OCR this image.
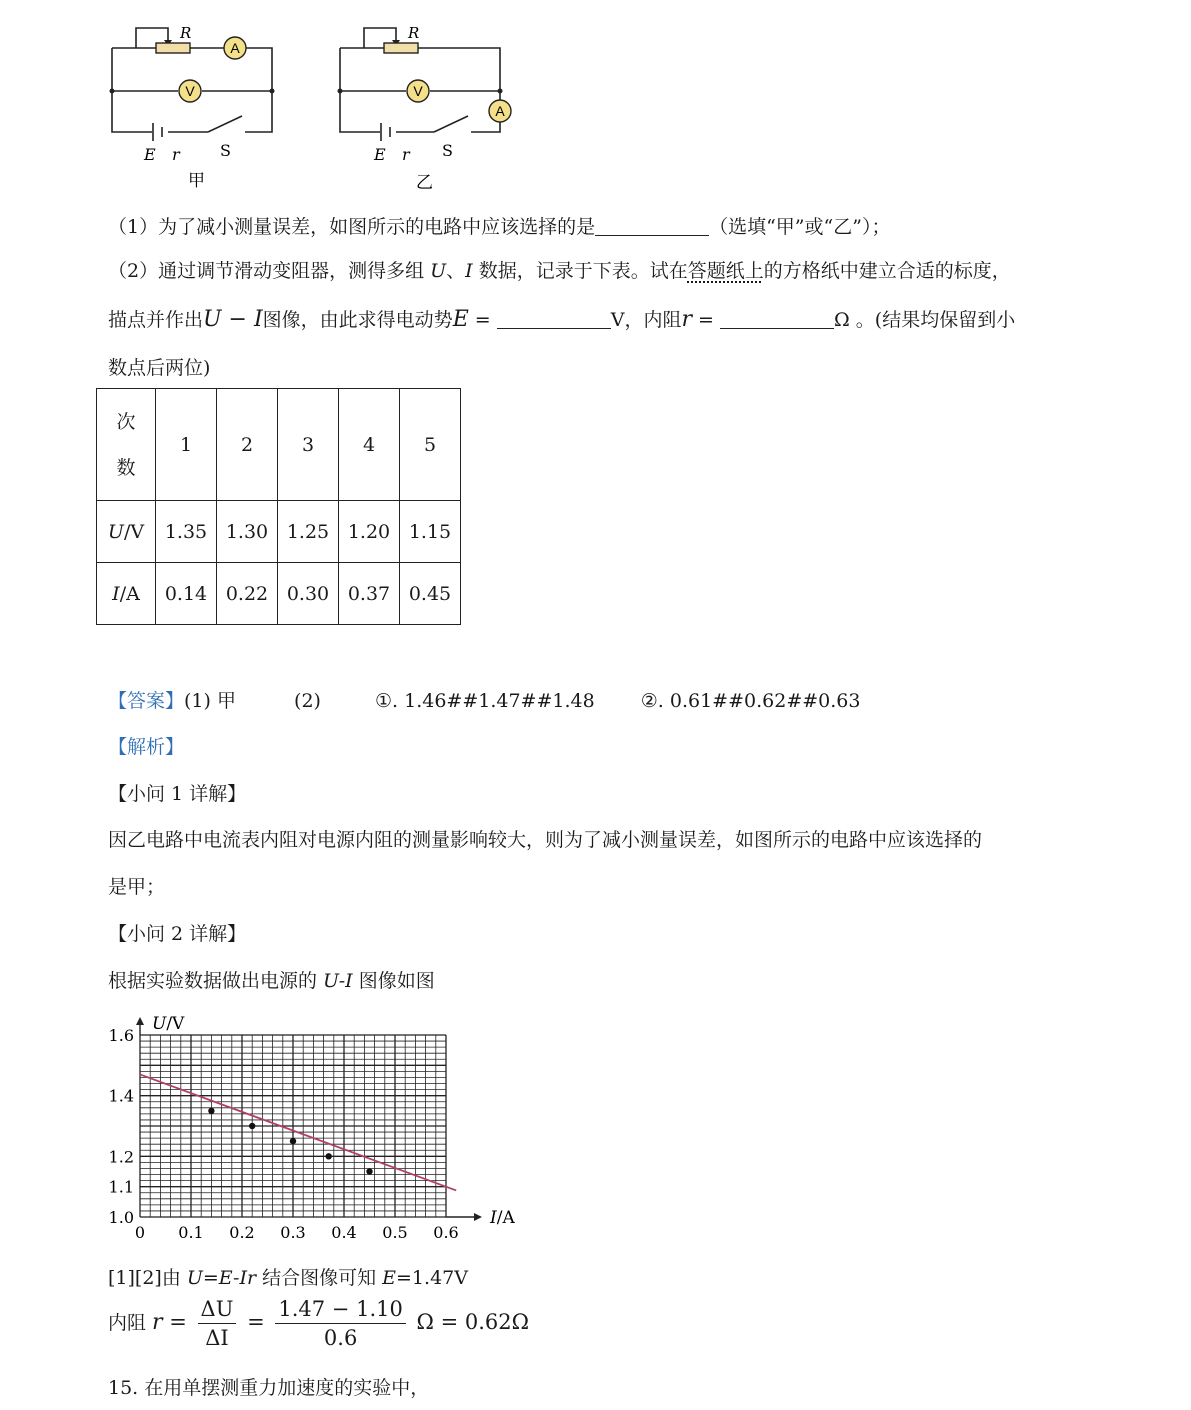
A
V
R
E r	S
甲
A
V
R
E r S
乙
（1）为了减小测量误差，如图所示的电路中应该选择的是	（选填“甲”或“乙”）；
（2）通过调节滑动变阻器，测得多组 U、I 数据，记录于下表。试在答题纸上的方格纸中建立合适的标度，
描点并作出U − I图像，由此求得电动势E =	V，内阻r =	Ω 。(结果均保留到小
数点后两位)
次
数	1	2	3	4	5
U/V	1.35	1.30	1.25	1.20	1.15
I/A	0.14	0.22	0.30	0.37	0.45
【答案】(1) 甲	(2)	①. 1.46##1.47##1.48 ②. 0.61##0.62##0.63
【解析】
【小问 1 详解】
因乙电路中电流表内阻对电源内阻的测量影响较大，则为了减小测量误差，如图所示的电路中应该选择的
是甲；
【小问 2 详解】
根据实验数据做出电源的 U-I 图像如图
0 0.1 0.2 0.3 0.4 0.5 0.6
1.0
1.1
1.2
1.4
1.6
U/V
I/A
[1][2]由 U=E-Ir 结合图像可知 E=1.47V
内阻 $r = \frac{\Delta U}{\Delta I} = \frac{1.47 - 1.10}{0.6}$ Ω = 0.62Ω
15. 在用单摆测重力加速度的实验中，
